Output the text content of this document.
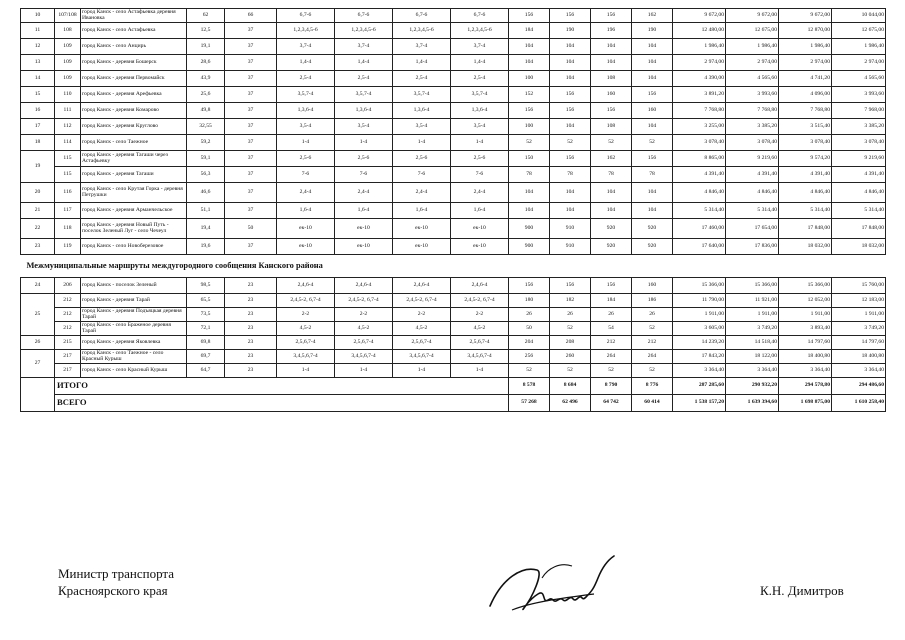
10	107/108	город Канск - село Астафьевка деревня Ивановка	62	66	6,7-6	6,7-6	6,7-6	6,7-6	156	156	156	162	9 672,00	9 672,00	9 672,00	10 044,00
11	108	город Канск - село Астафьевка	12,5	37	1,2,3,4,5-6	1,2,3,4,5-6	1,2,3,4,5-6	1,2,3,4,5-6	184	190	196	190	12 480,00	12 675,00	12 870,00	12 675,00
12	109	город Канск - село Анцирь	19,1	37	3,7-4	3,7-4	3,7-4	3,7-4	104	104	104	104	1 986,40	1 986,40	1 986,40	1 986,40
13	109	город Канск - деревня Бошерск	28,6	37	1,4-4	1,4-4	1,4-4	1,4-4	104	104	104	104	2 974,00	2 974,00	2 974,00	2 974,00
14	109	город Канск - деревня Первомайск	43,9	37	2,5-4	2,5-4	2,5-4	2,5-4	100	104	108	104	4 390,00	4 565,60	4 741,20	4 565,60
15	110	город Канск - деревня Арефьевка	25,6	37	3,5,7-4	3,5,7-4	3,5,7-4	3,5,7-4	152	156	160	156	3 891,20	3 993,60	4 096,00	3 993,60
16	111	город Канск - деревня Комарово	49,8	37	1,3,6-4	1,3,6-4	1,3,6-4	1,3,6-4	156	156	156	160	7 768,80	7 768,80	7 768,80	7 968,00
17	112	город Канск - деревня Круглово	32,55	37	3,5-4	3,5-4	3,5-4	3,5-4	100	104	108	104	3 255,00	3 385,20	3 515,40	3 385,20
18	114	город Канск - село Таежное	59,2	37	1-4	1-4	1-4	1-4	52	52	52	52	3 078,40	3 078,40	3 078,40	3 078,40
19	115	город Канск - деревня Тагаши через Астафьевку	59,1	37	2,5-6	2,5-6	2,5-6	2,5-6	150	156	162	156	8 865,00	9 219,60	9 574,20	9 219,60
	115	город Канск - деревня Тагаши	56,3	37	7-6	7-6	7-6	7-6	78	78	78	78	4 391,40	4 391,40	4 391,40	4 391,40
20	116	город Канск - село Крутая Горка - деревня Петрушки	46,6	37	2,4-4	2,4-4	2,4-4	2,4-4	104	104	104	104	4 846,40	4 846,40	4 846,40	4 846,40
21	117	город Канск - деревня Арманчельское	51,1	37	1,6-4	1,6-4	1,6-4	1,6-4	104	104	104	104	5 314,40	5 314,40	5 314,40	5 314,40
22	118	город Канск - деревня Новый Путь - поселок Зеленый Луг - село Чечеул	19,4	50	ек-10	ек-10	ек-10	ек-10	900	910	920	920	17 460,00	17 654,00	17 848,00	17 848,00
23	119	город Канск - село Новоберезовое	19,6	37	ек-10	ек-10	ек-10	ек-10	900	910	920	920	17 640,00	17 836,00	18 032,00	18 032,00
Межмуниципальные маршруты междугородного сообщения Канского района																
24	206	город Канск - поселок Зеленый	98,5	23	2,4,6-4	2,4,6-4	2,4,6-4	2,4,6-4	156	156	156	160	15 366,00	15 366,00	15 366,00	15 760,00
25	212	город Канск - деревня Тарай	65,5	23	2,4,5-2, 6,7-4	2,4,5-2, 6,7-4	2,4,5-2, 6,7-4	2,4,5-2, 6,7-4	180	182	184	186	11 790,00	11 921,00	12 052,00	12 183,00
	212	город Канск - деревня Подъяцкая деревня Тарай	73,5	23	2-2	2-2	2-2	2-2	26	26	26	26	1 911,00	1 911,00	1 911,00	1 911,00
	212	город Канск - село Браженое деревня Тарай	72,1	23	4,5-2	4,5-2	4,5-2	4,5-2	50	52	54	52	3 605,00	3 749,20	3 893,40	3 749,20
26	215	город Канск - деревня Яковлевка	69,8	23	2,5,6,7-4	2,5,6,7-4	2,5,6,7-4	2,5,6,7-4	204	208	212	212	14 239,20	14 518,40	14 797,60	14 797,60
27	217	город Канск - село Таежное - село Красный Курыш	69,7	23	3,4,5,6,7-4	3,4,5,6,7-4	3,4,5,6,7-4	3,4,5,6,7-4	256	260	264	264	17 843,20	18 122,00	18 400,80	18 400,80
	217	город Канск - село Красный Курыш	64,7	23	1-4	1-4	1-4	1-4	52	52	52	52	3 364,40	3 364,40	3 364,40	3 364,40
	ИТОГО								8 578	8 684	8 790	8 776	287 285,60	290 932,20	294 578,80	294 486,60
	ВСЕГО								57 268	62 496	64 742	60 414	1 538 157,20	1 639 394,60	1 698 875,00	1 610 258,40
Министр транспорта
Красноярского края	К.Н. Димитров
